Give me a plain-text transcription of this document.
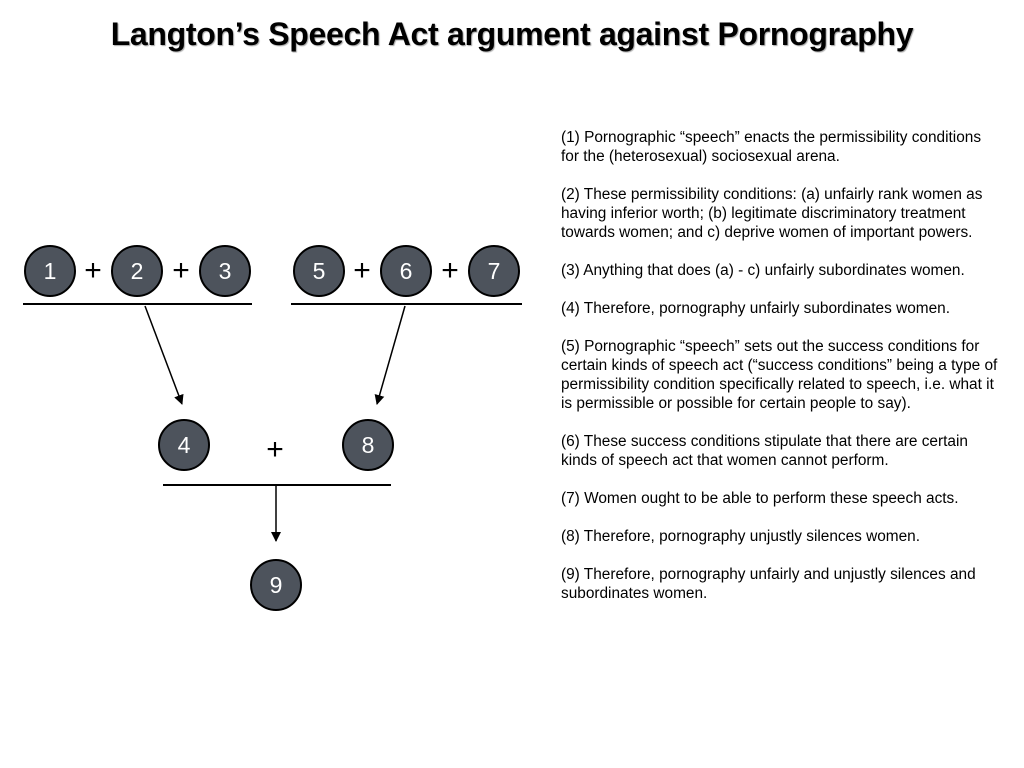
Langton’s Speech Act argument against Pornography
1 + 2 + 3	5 + 6 + 7
4	+	8
9

(1) Pornographic “speech” enacts the permissibility conditions for the (heterosexual) sociosexual arena.

(2) These permissibility conditions: (a) unfairly rank women as having inferior worth; (b) legitimate discriminatory treatment towards women; and c) deprive women of important powers.

(3) Anything that does (a) - c) unfairly subordinates women.

(4) Therefore, pornography unfairly subordinates women.

(5) Pornographic “speech” sets out the success conditions for certain kinds of speech act (“success conditions” being a type of permissibility condition specifically related to speech, i.e. what it is permissible or possible for certain people to say).

(6) These success conditions stipulate that there are certain kinds of speech act that women cannot perform.

(7) Women ought to be able to perform these speech acts.

(8) Therefore, pornography unjustly silences women.

(9) Therefore, pornography unfairly and unjustly silences and subordinates women.
